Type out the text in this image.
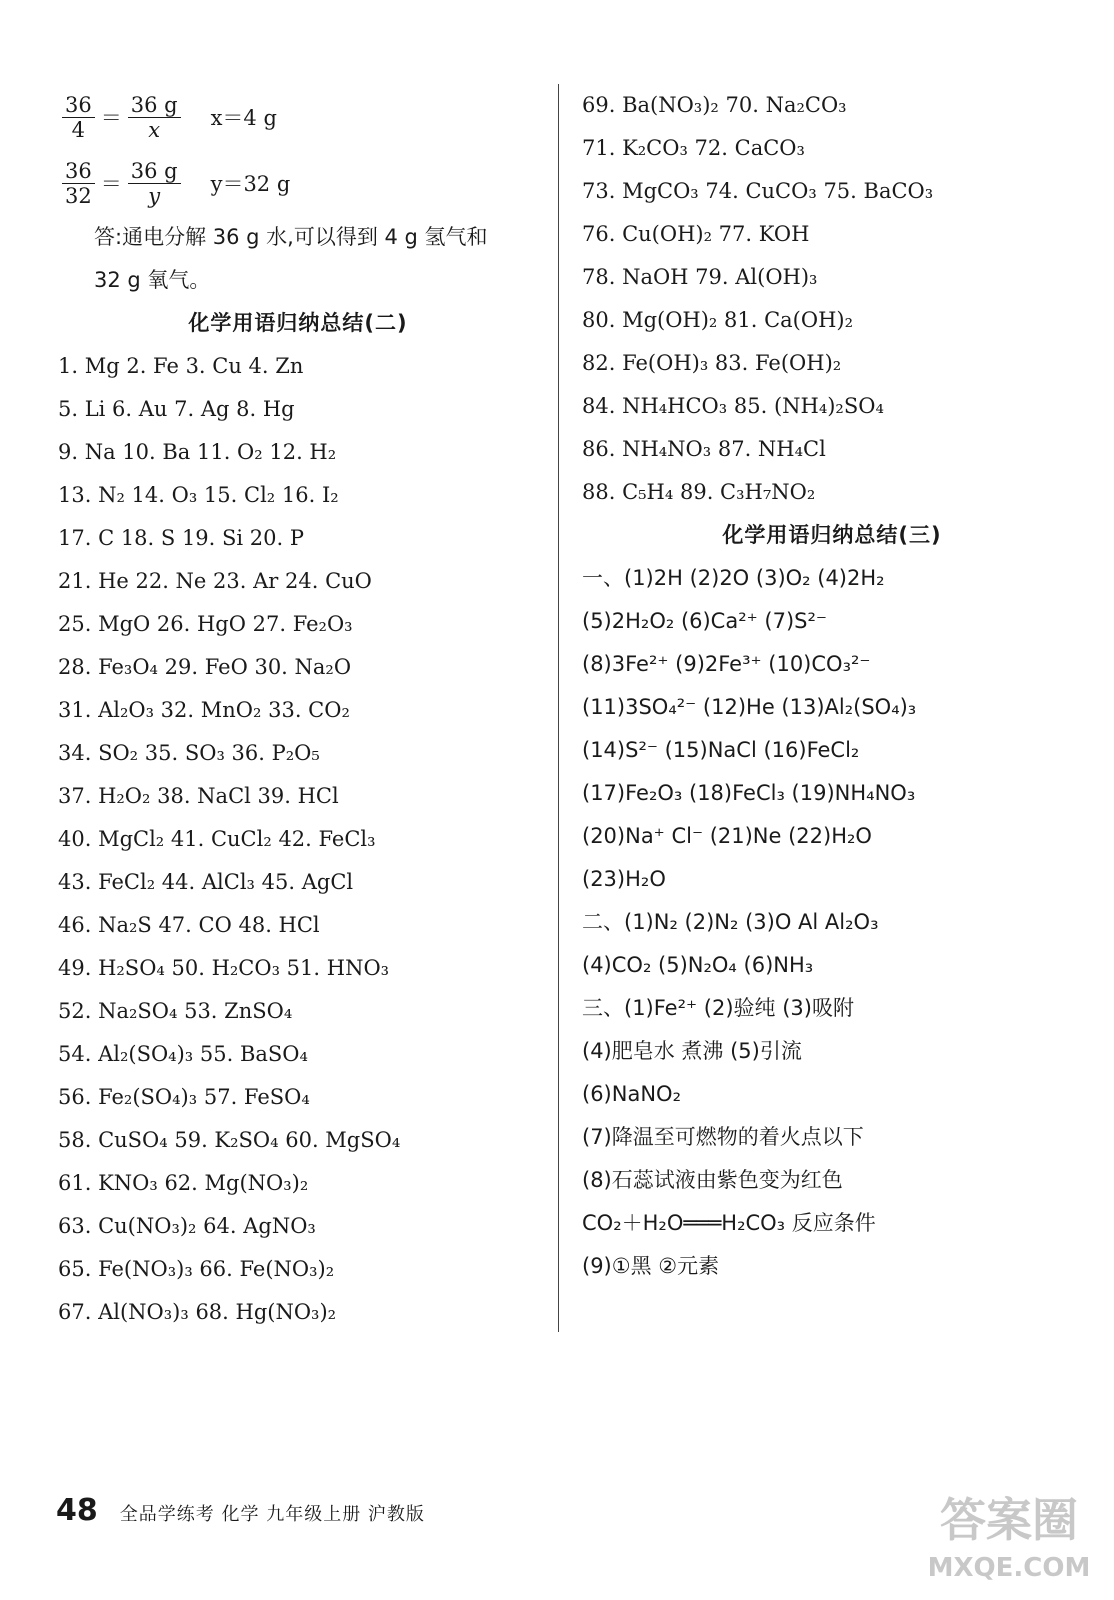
$\frac{36}{4} = \frac{36 g}{x} x=4$ g
$\frac{36}{32} = \frac{36 g}{y} y=32$ g
答:通电分解 36 g 水,可以得到 4 g 氢气和
32 g 氧气。
化学用语归纳总结(二)
1. Mg 2. Fe 3. Cu 4. Zn
5. Li 6. Au 7. Ag 8. Hg
9. Na 10. Ba 11. O₂ 12. H₂
13. N₂ 14. O₃ 15. Cl₂ 16. I₂
17. C 18. S 19. Si 20. P
21. He 22. Ne 23. Ar 24. CuO
25. MgO 26. HgO 27. Fe₂O₃
28. Fe₃O₄ 29. FeO 30. Na₂O
31. Al₂O₃ 32. MnO₂ 33. CO₂
34. SO₂ 35. SO₃ 36. P₂O₅
37. H₂O₂ 38. NaCl 39. HCl
40. MgCl₂ 41. CuCl₂ 42. FeCl₃
43. FeCl₂ 44. AlCl₃ 45. AgCl
46. Na₂S 47. CO 48. HCl
49. H₂SO₄ 50. H₂CO₃ 51. HNO₃
52. Na₂SO₄ 53. ZnSO₄
54. Al₂(SO₄)₃ 55. BaSO₄
56. Fe₂(SO₄)₃ 57. FeSO₄
58. CuSO₄ 59. K₂SO₄ 60. MgSO₄
61. KNO₃ 62. Mg(NO₃)₂
63. Cu(NO₃)₂ 64. AgNO₃
65. Fe(NO₃)₃ 66. Fe(NO₃)₂
67. Al(NO₃)₃ 68. Hg(NO₃)₂
69. Ba(NO₃)₂ 70. Na₂CO₃
71. K₂CO₃ 72. CaCO₃
73. MgCO₃ 74. CuCO₃ 75. BaCO₃
76. Cu(OH)₂ 77. KOH
78. NaOH 79. Al(OH)₃
80. Mg(OH)₂ 81. Ca(OH)₂
82. Fe(OH)₃ 83. Fe(OH)₂
84. NH₄HCO₃ 85. (NH₄)₂SO₄
86. NH₄NO₃ 87. NH₄Cl
88. C₅H₄ 89. C₃H₇NO₂
化学用语归纳总结(三)
一、(1)2H (2)2O (3)O₂ (4)2H₂
(5)2H₂O₂ (6)Ca²⁺ (7)S²⁻
(8)3Fe²⁺ (9)2Fe³⁺ (10)CO₃²⁻
(11)3SO₄²⁻ (12)He (13)Al₂(SO₄)₃
(14)S²⁻ (15)NaCl (16)FeCl₂
(17)Fe₂O₃ (18)FeCl₃ (19)NH₄NO₃
(20)Na⁺ Cl⁻ (21)Ne (22)H₂O
(23)H₂O
二、(1)N₂ (2)N₂ (3)O Al Al₂O₃
(4)CO₂ (5)N₂O₄ (6)NH₃
三、(1)Fe²⁺ (2)验纯 (3)吸附
(4)肥皂水 煮沸 (5)引流
(6)NaNO₂
(7)降温至可燃物的着火点以下
(8)石蕊试液由紫色变为红色
CO₂＋H₂O═══H₂CO₃ 反应条件
(9)①黑 ②元素
48 全品学练考 化学 九年级上册 沪教版	答案圈
MXQE.COM
